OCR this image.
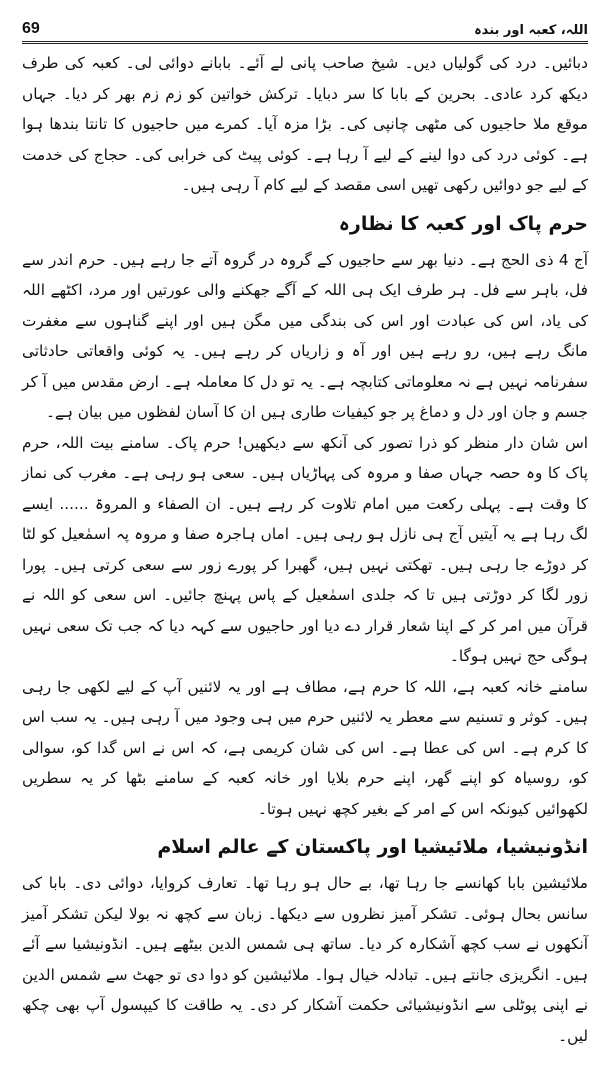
69	اللہ، کعبہ اور بندہ

دبائیں۔ درد کی گولیاں دیں۔ شیخ صاحب پانی لے آئے۔ بابانے دوائی لی۔ کعبہ کی طرف دیکھ کرد عادی۔ بحرین کے بابا کا سر دبایا۔ ترکش خواتین کو زم زم بھر کر دیا۔ جہاں موقع ملا حاجیوں کی مٹھی چانپی کی۔ بڑا مزہ آیا۔ کمرے میں حاجیوں کا تانتا بندھا ہوا ہے۔ کوئی درد کی دوا لینے کے لیے آ رہا ہے۔ کوئی پیٹ کی خرابی کی۔ حجاج کی خدمت کے لیے جو دوائیں رکھی تھیں اسی مقصد کے لیے کام آ رہی ہیں۔

حرم پاک اور کعبہ کا نظارہ

آج 4 ذی الحج ہے۔ دنیا بھر سے حاجیوں کے گروہ در گروہ آتے جا رہے ہیں۔ حرم اندر سے فل، باہر سے فل۔ ہر طرف ایک ہی اللہ کے آگے جھکنے والی عورتیں اور مرد، اکٹھے اللہ کی یاد، اس کی عبادت اور اس کی بندگی میں مگن ہیں اور اپنے گناہوں سے مغفرت مانگ رہے ہیں، رو رہے ہیں اور آہ و زاریاں کر رہے ہیں۔ یہ کوئی واقعاتی حادثاتی سفرنامہ نہیں ہے نہ معلوماتی کتابچہ ہے۔ یہ تو دل کا معاملہ ہے۔ ارض مقدس میں آ کر جسم و جان اور دل و دماغ پر جو کیفیات طاری ہیں ان کا آسان لفظوں میں بیان ہے۔

اس شان دار منظر کو ذرا تصور کی آنکھ سے دیکھیں! حرم پاک۔ سامنے بیت اللہ، حرم پاک کا وہ حصہ جہاں صفا و مروہ کی پہاڑیاں ہیں۔ سعی ہو رہی ہے۔ مغرب کی نماز کا وقت ہے۔ پہلی رکعت میں امام تلاوت کر رہے ہیں۔ ان الصفاء و المروۃ ...... ایسے لگ رہا ہے یہ آیتیں آج ہی نازل ہو رہی ہیں۔ اماں ہاجرہ صفا و مروہ پہ اسمٰعیل کو لٹا کر دوڑے جا رہی ہیں۔ تھکتی نہیں ہیں، گھبرا کر پورے زور سے سعی کرتی ہیں۔ پورا زور لگا کر دوڑتی ہیں تا کہ جلدی اسمٰعیل کے پاس پہنچ جائیں۔ اس سعی کو اللہ نے قرآن میں امر کر کے اپنا شعار قرار دے دیا اور حاجیوں سے کہہ دیا کہ جب تک سعی نہیں ہوگی حج نہیں ہوگا۔

سامنے خانہ کعبہ ہے، اللہ کا حرم ہے، مطاف ہے اور یہ لائنیں آپ کے لیے لکھی جا رہی ہیں۔ کوثر و تسنیم سے معطر یہ لائنیں حرم میں ہی وجود میں آ رہی ہیں۔ یہ سب اس کا کرم ہے۔ اس کی عطا ہے۔ اس کی شان کریمی ہے، کہ اس نے اس گدا کو، سوالی کو، روسیاہ کو اپنے گھر، اپنے حرم بلایا اور خانہ کعبہ کے سامنے بٹھا کر یہ سطریں لکھوائیں کیونکہ اس کے امر کے بغیر کچھ نہیں ہوتا۔

انڈونیشیا، ملائیشیا اور پاکستان کے عالم اسلام

ملائیشین بابا کھانسے جا رہا تھا، بے حال ہو رہا تھا۔ تعارف کروایا، دوائی دی۔ بابا کی سانس بحال ہوئی۔ تشکر آمیز نظروں سے دیکھا۔ زبان سے کچھ نہ بولا لیکن تشکر آمیز آنکھوں نے سب کچھ آشکارہ کر دیا۔ ساتھ ہی شمس الدین بیٹھے ہیں۔ انڈونیشیا سے آئے ہیں۔ انگریزی جانتے ہیں۔ تبادلہ خیال ہوا۔ ملائیشین کو دوا دی تو جھٹ سے شمس الدین نے اپنی پوٹلی سے انڈونیشیائی حکمت آشکار کر دی۔ یہ طاقت کا کیپسول آپ بھی چکھ لیں۔
